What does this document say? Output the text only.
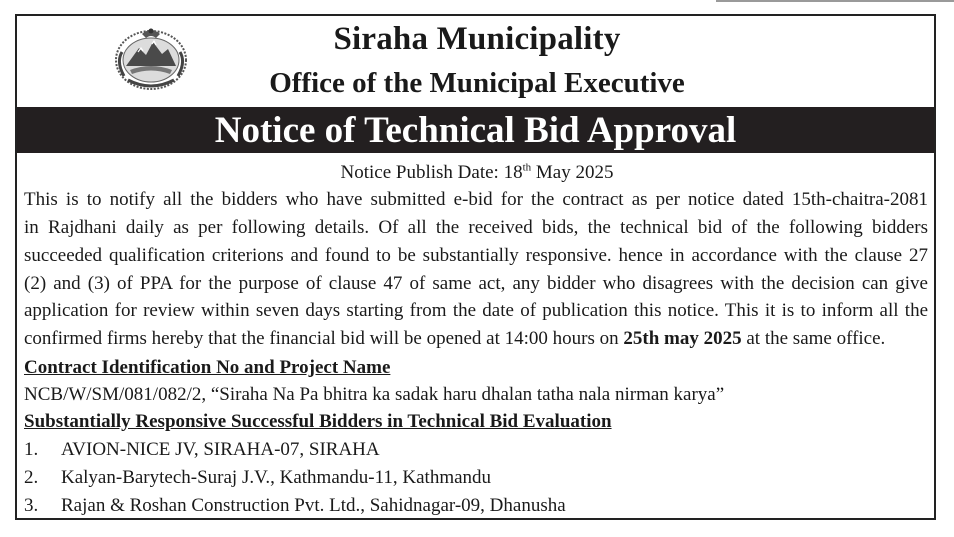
Siraha Municipality
Office of the Municipal Executive
Notice of Technical Bid Approval
Notice Publish Date: 18th May 2025
This is to notify all the bidders who have submitted e-bid for the contract as per notice dated 15th-chaitra-2081
in Rajdhani daily as per following details. Of all the received bids, the technical bid of the following bidders
succeeded qualification criterions and found to be substantially responsive. hence in accordance with the clause 27
(2) and (3) of PPA for the purpose of clause 47 of same act, any bidder who disagrees with the decision can give
application for review within seven days starting from the date of publication this notice. This it is to inform all the
confirmed firms hereby that the financial bid will be opened at 14:00 hours on 25th may 2025 at the same office.
Contract Identification No and Project Name
NCB/W/SM/081/082/2, “Siraha Na Pa bhitra ka sadak haru dhalan tatha nala nirman karya”
Substantially Responsive Successful Bidders in Technical Bid Evaluation
1. AVION-NICE JV, SIRAHA-07, SIRAHA
2. Kalyan-Barytech-Suraj J.V., Kathmandu-11, Kathmandu
3. Rajan & Roshan Construction Pvt. Ltd., Sahidnagar-09, Dhanusha
